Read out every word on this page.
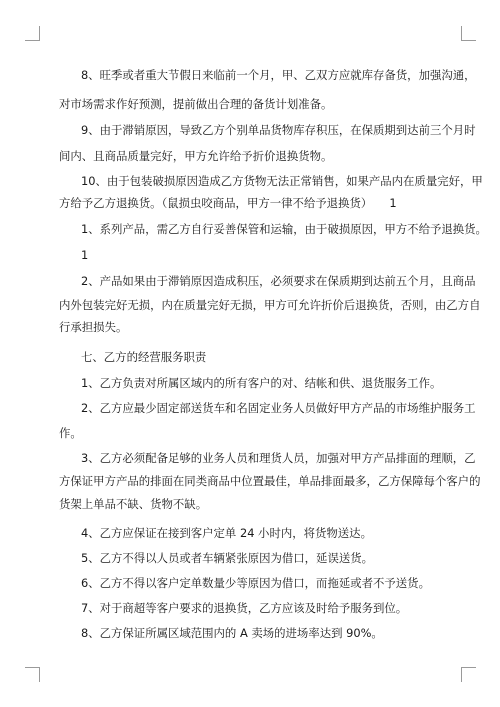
8、旺季或者重大节假日来临前一个月，甲、乙双方应就库存备货，加强沟通，
对市场需求作好预测，提前做出合理的备货计划准备。
9、由于滞销原因，导致乙方个别单品货物库存积压，在保质期到达前三个月时
间内、且商品质量完好，甲方允许给予折价退换货物。
10、由于包装破损原因造成乙方货物无法正常销售，如果产品内在质量完好，甲
方给予乙方退换货。（鼠损虫咬商品，甲方一律不给予退换货）　　1
1、系列产品，需乙方自行妥善保管和运输，由于破损原因，甲方不给予退换货。
1
2、产品如果由于滞销原因造成积压，必须要求在保质期到达前五个月，且商品
内外包装完好无损，内在质量完好无损，甲方可允许折价后退换货，否则，由乙方自
行承担损失。
七、乙方的经营服务职责
1、乙方负责对所属区域内的所有客户的对、结帐和供、退货服务工作。
2、乙方应最少固定部送货车和名固定业务人员做好甲方产品的市场维护服务工
作。
3、乙方必须配备足够的业务人员和理货人员，加强对甲方产品排面的理顺，乙
方保证甲方产品的排面在同类商品中位置最佳，单品排面最多，乙方保障每个客户的
货架上单品不缺、货物不缺。
4、乙方应保证在接到客户定单 24 小时内，将货物送达。
5、乙方不得以人员或者车辆紧张原因为借口，延误送货。
6、乙方不得以客户定单数量少等原因为借口，而拖延或者不予送货。
7、对于商超等客户要求的退换货，乙方应该及时给予服务到位。
8、乙方保证所属区域范围内的 A 卖场的进场率达到 90%。
